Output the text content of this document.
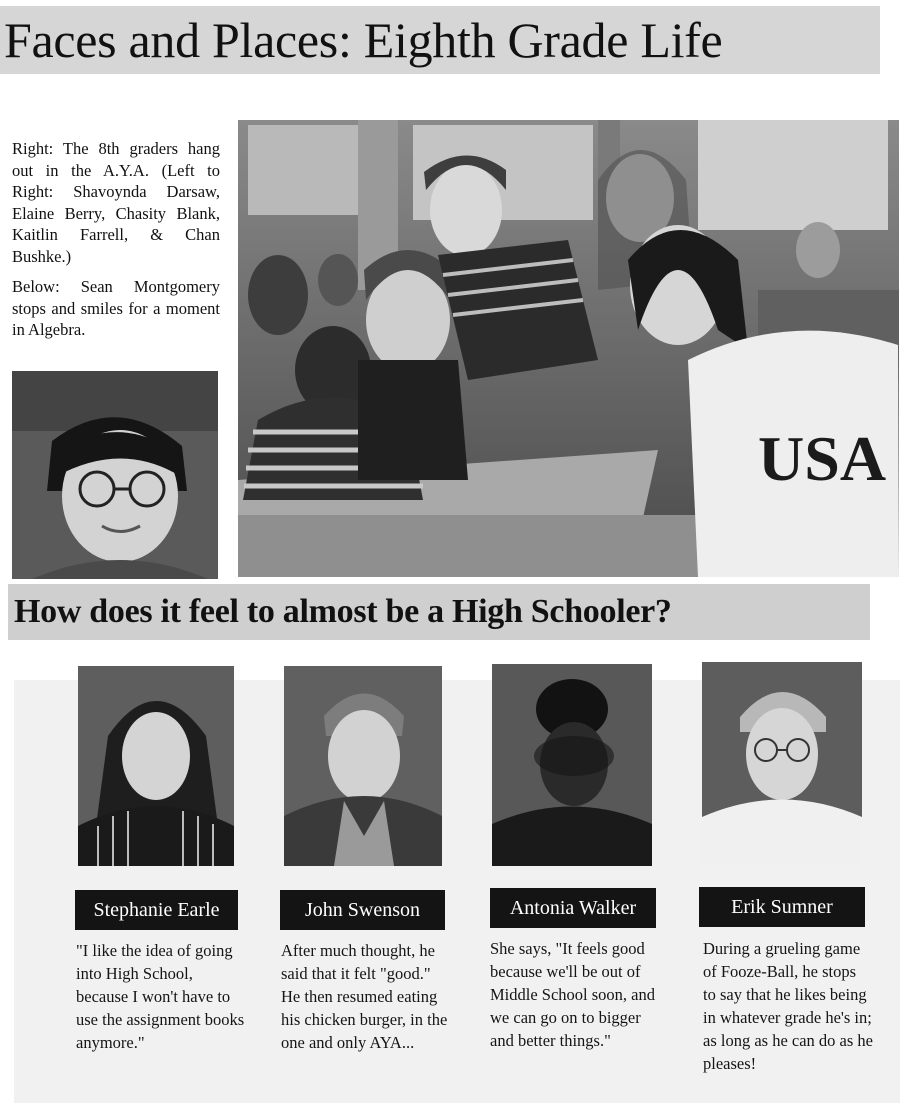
Faces and Places: Eighth Grade Life

Right: The 8th graders hang out in the A.Y.A. (Left to Right: Shavoynda Darsaw, Elaine Berry, Chasity Blank, Kaitlin Farrell, & Chan Bushke.)

Below: Sean Montgomery stops and smiles for a moment in Algebra.

USA
How does it feel to almost be a High Schooler?
Stephanie Earle
"I like the idea of going into High School, because I won't have to use the assignment books anymore."
John Swenson
After much thought, he said that it felt "good." He then resumed eating his chicken burger, in the one and only AYA...
Antonia Walker
She says, "It feels good because we'll be out of Middle School soon, and we can go on to bigger and better things."
Erik Sumner
During a grueling game of Fooze-Ball, he stops to say that he likes being in whatever grade he's in; as long as he can do as he pleases!
